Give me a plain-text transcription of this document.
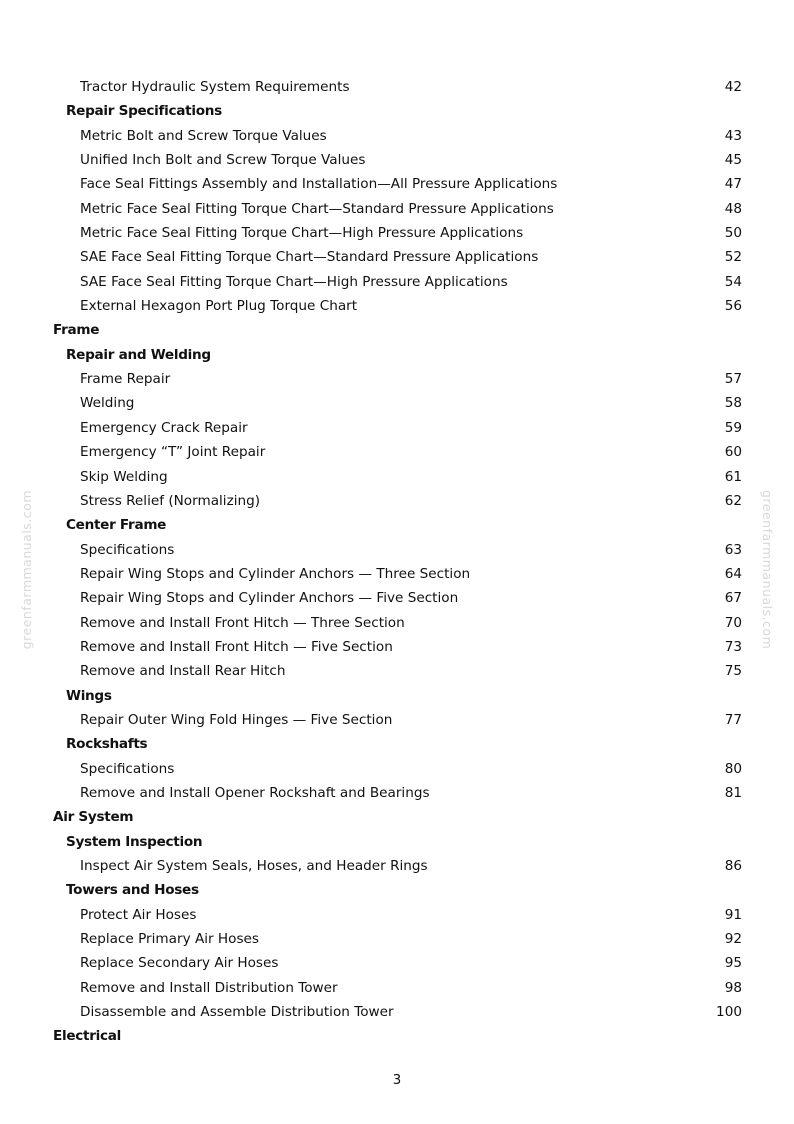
Tractor Hydraulic System Requirements	42
Repair Specifications
Metric Bolt and Screw Torque Values	43
Unified Inch Bolt and Screw Torque Values	45
Face Seal Fittings Assembly and Installation—All Pressure Applications	47
Metric Face Seal Fitting Torque Chart—Standard Pressure Applications	48
Metric Face Seal Fitting Torque Chart—High Pressure Applications	50
SAE Face Seal Fitting Torque Chart—Standard Pressure Applications	52
SAE Face Seal Fitting Torque Chart—High Pressure Applications	54
External Hexagon Port Plug Torque Chart	56
Frame
Repair and Welding
Frame Repair	57
Welding	58
Emergency Crack Repair	59
Emergency “T” Joint Repair	60
Skip Welding	61
Stress Relief (Normalizing)	62
Center Frame
Specifications	63
Repair Wing Stops and Cylinder Anchors — Three Section	64
Repair Wing Stops and Cylinder Anchors — Five Section	67
Remove and Install Front Hitch — Three Section	70
Remove and Install Front Hitch — Five Section	73
Remove and Install Rear Hitch	75
Wings
Repair Outer Wing Fold Hinges — Five Section	77
Rockshafts
Specifications	80
Remove and Install Opener Rockshaft and Bearings	81
Air System
System Inspection
Inspect Air System Seals, Hoses, and Header Rings	86
Towers and Hoses
Protect Air Hoses	91
Replace Primary Air Hoses	92
Replace Secondary Air Hoses	95
Remove and Install Distribution Tower	98
Disassemble and Assemble Distribution Tower	100
Electrical
3
greenfarmmanuals.com	greenfarmmanuals.com
